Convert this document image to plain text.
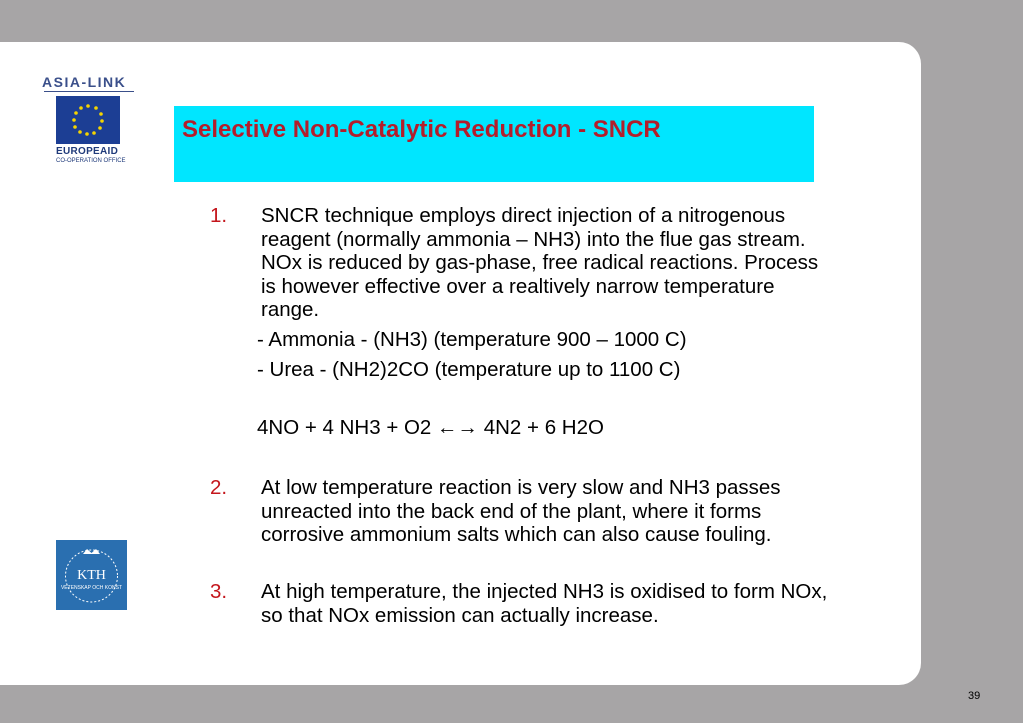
ASIA-LINK
EUROPEAID
CO-OPERATION OFFICE
Selective Non-Catalytic Reduction - SNCR
1. SNCR technique employs direct injection of a nitrogenous
reagent (normally ammonia – NH3) into the flue gas stream.
NOx is reduced by gas-phase, free radical reactions. Process
is however effective over a realtively narrow temperature
range.
- Ammonia - (NH3) (temperature 900 – 1000 C)
- Urea - (NH2)2CO (temperature up to 1100 C)
4NO + 4 NH3 + O2 ←→ 4N2 + 6 H2O
2. At low temperature reaction is very slow and NH3 passes
unreacted into the back end of the plant, where it forms
corrosive ammonium salts which can also cause fouling.
3. At high temperature, the injected NH3 is oxidised to form NOx,
so that NOx emission can actually increase.
KTH
VETENSKAP OCH KONST
39
